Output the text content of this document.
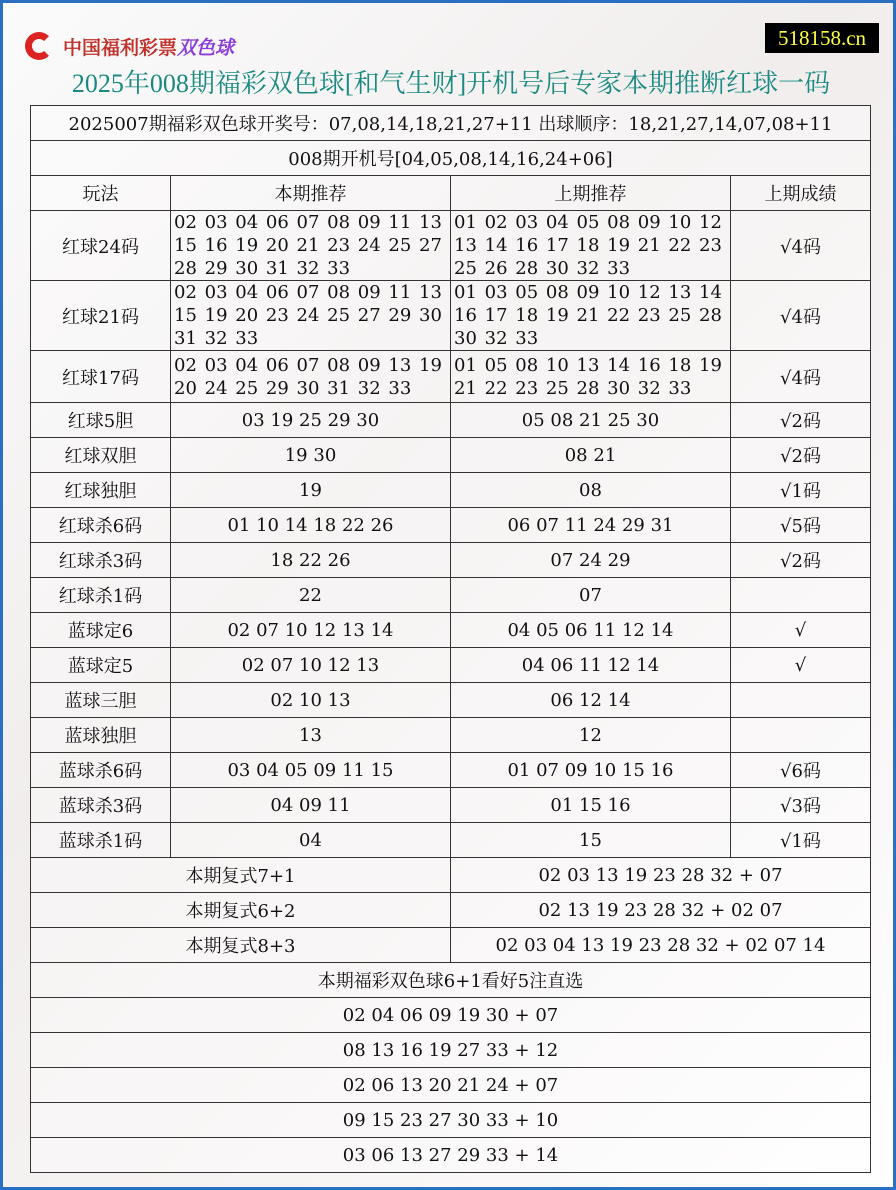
中国福利彩票双色球	518158.cn
2025年008期福彩双色球[和气生财]开机号后专家本期推断红球一码
2025007期福彩双色球开奖号：07,08,14,18,21,27+11 出球顺序：18,21,27,14,07,08+11			
008期开机号[04,05,08,14,16,24+06]			
玩法	本期推荐	上期推荐	上期成绩
红球24码	02 03 04 06 07 08 09 11 13 15 16 19 20 21 23 24 25 27 28 29 30 31 32 33	01 02 03 04 05 08 09 10 12 13 14 16 17 18 19 21 22 23 25 26 28 30 32 33	√4码
红球21码	02 03 04 06 07 08 09 11 13 15 19 20 23 24 25 27 29 30 31 32 33	01 03 05 08 09 10 12 13 14 16 17 18 19 21 22 23 25 28 30 32 33	√4码
红球17码	02 03 04 06 07 08 09 13 19 20 24 25 29 30 31 32 33	01 05 08 10 13 14 16 18 19 21 22 23 25 28 30 32 33	√4码
红球5胆	03 19 25 29 30	05 08 21 25 30	√2码
红球双胆	19 30	08 21	√2码
红球独胆	19	08	√1码
红球杀6码	01 10 14 18 22 26	06 07 11 24 29 31	√5码
红球杀3码	18 22 26	07 24 29	√2码
红球杀1码	22	07	
蓝球定6	02 07 10 12 13 14	04 05 06 11 12 14	√
蓝球定5	02 07 10 12 13	04 06 11 12 14	√
蓝球三胆	02 10 13	06 12 14	
蓝球独胆	13	12	
蓝球杀6码	03 04 05 09 11 15	01 07 09 10 15 16	√6码
蓝球杀3码	04 09 11	01 15 16	√3码
蓝球杀1码	04	15	√1码
本期复式7+1		02 03 13 19 23 28 32 + 07	
本期复式6+2		02 13 19 23 28 32 + 02 07	
本期复式8+3		02 03 04 13 19 23 28 32 + 02 07 14	
本期福彩双色球6+1看好5注直选			
02 04 06 09 19 30 + 07			
08 13 16 19 27 33 + 12			
02 06 13 20 21 24 + 07			
09 15 23 27 30 33 + 10			
03 06 13 27 29 33 + 14			
